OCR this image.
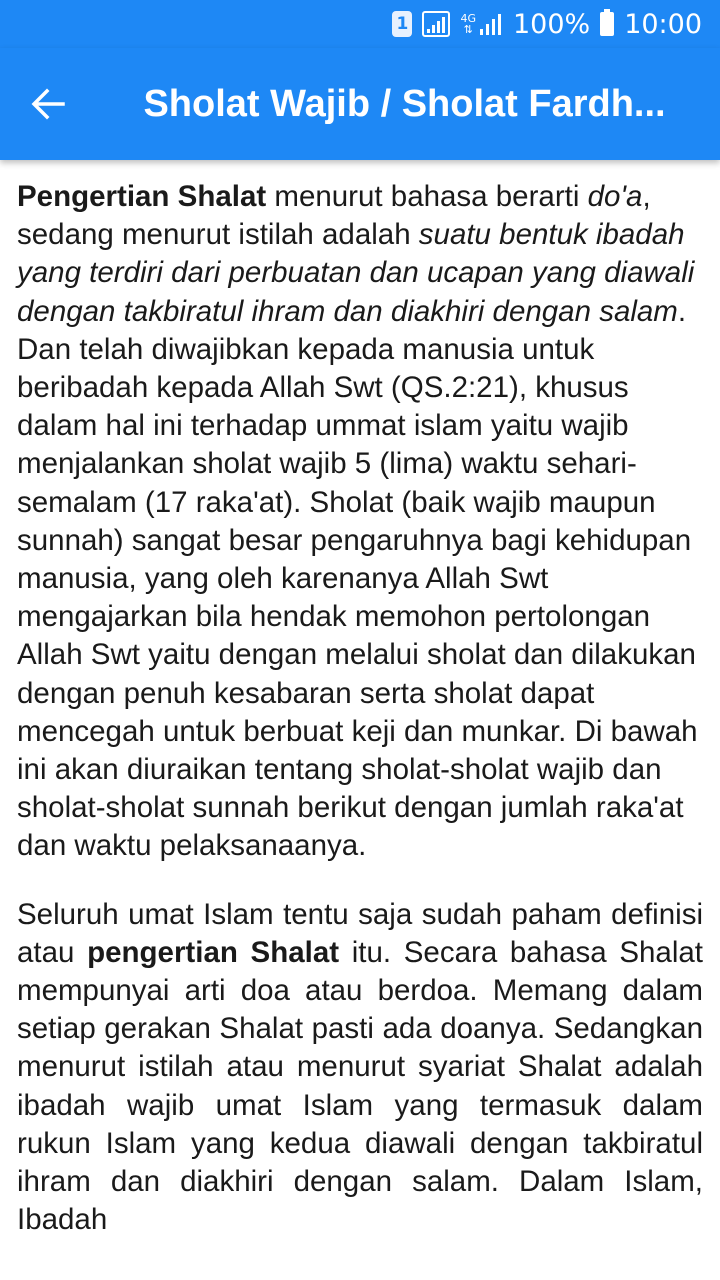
1	4G
⇅ 100% 10:00
Sholat Wajib / Sholat Fardh...

Pengertian Shalat menurut bahasa berarti do'a, sedang menurut istilah adalah suatu bentuk ibadah yang terdiri dari perbuatan dan ucapan yang diawali dengan takbiratul ihram dan diakhiri dengan salam. Dan telah diwajibkan kepada manusia untuk beribadah kepada Allah Swt (QS.2:21), khusus dalam hal ini terhadap ummat islam yaitu wajib menjalankan sholat wajib 5 (lima) waktu sehari-semalam (17 raka'at). Sholat (baik wajib maupun sunnah) sangat besar pengaruhnya bagi kehidupan manusia, yang oleh karenanya Allah Swt mengajarkan bila hendak memohon pertolongan Allah Swt yaitu dengan melalui sholat dan dilakukan dengan penuh kesabaran serta sholat dapat mencegah untuk berbuat keji dan munkar. Di bawah ini akan diuraikan tentang sholat-sholat wajib dan sholat-sholat sunnah berikut dengan jumlah raka'at dan waktu pelaksanaanya.

Seluruh umat Islam tentu saja sudah paham definisi atau pengertian Shalat itu. Secara bahasa Shalat mempunyai arti doa atau berdoa. Memang dalam setiap gerakan Shalat pasti ada doanya. Sedangkan menurut istilah atau menurut syariat Shalat adalah ibadah wajib umat Islam yang termasuk dalam rukun Islam yang kedua diawali dengan takbiratul ihram dan diakhiri dengan salam. Dalam Islam, Ibadah
